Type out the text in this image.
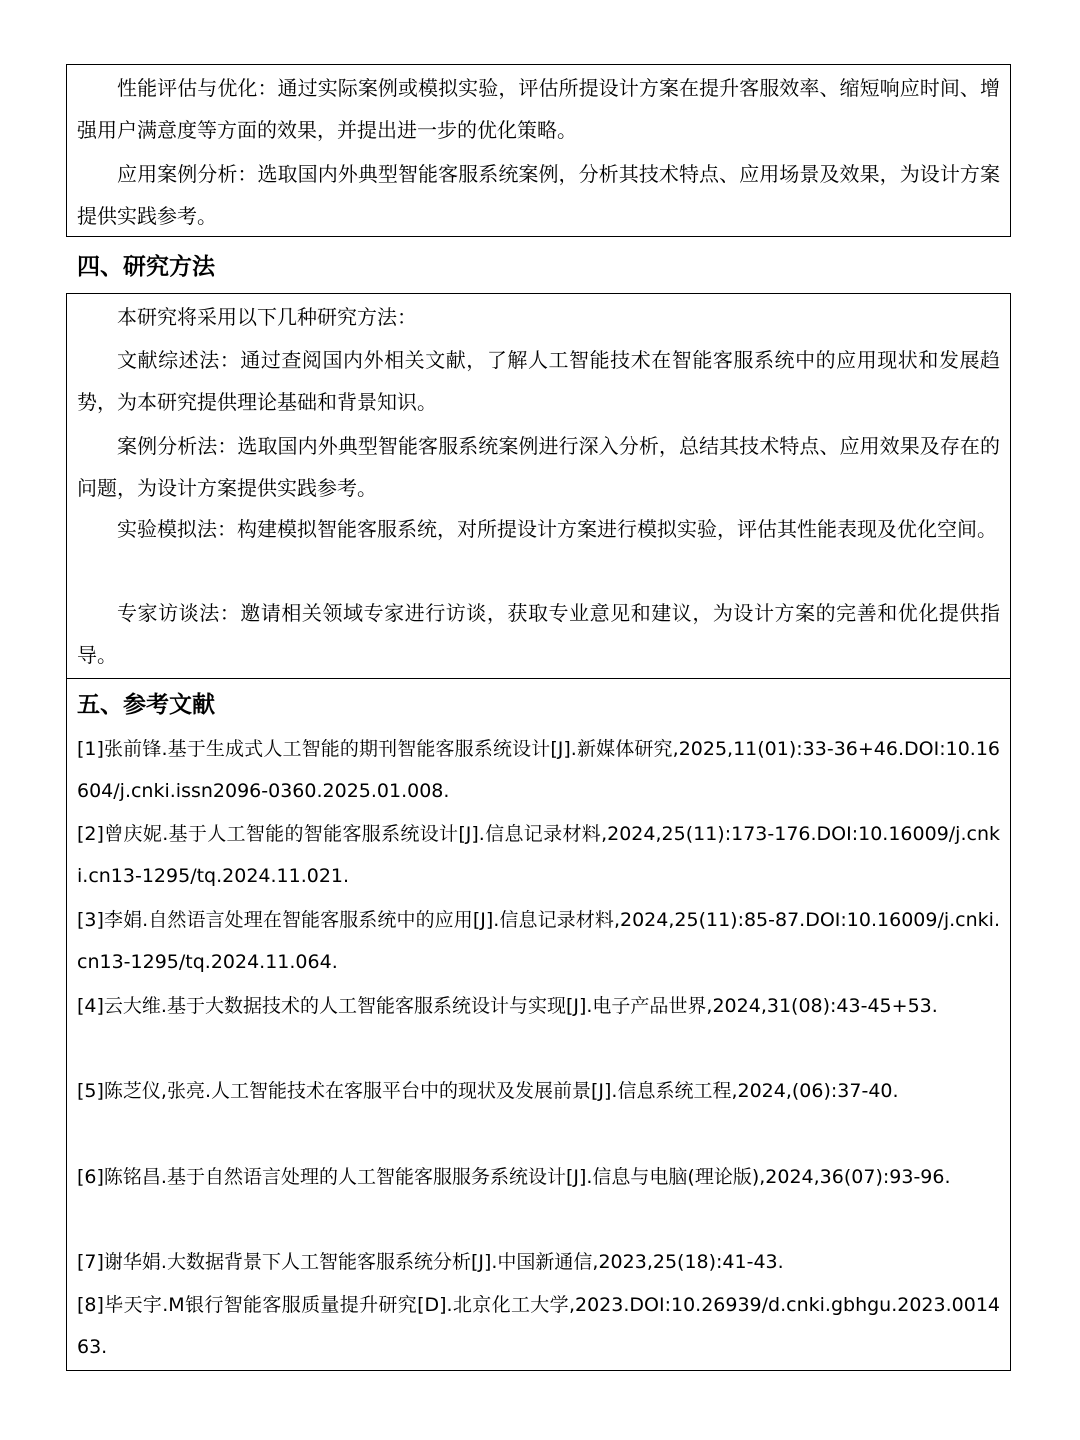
性能评估与优化：通过实际案例或模拟实验，评估所提设计方案在提升客服效率、缩短响应时间、增强用户满意度等方面的效果，并提出进一步的优化策略。

应用案例分析：选取国内外典型智能客服系统案例，分析其技术特点、应用场景及效果，为设计方案提供实践参考。

四、研究方法

本研究将采用以下几种研究方法：

文献综述法：通过查阅国内外相关文献，了解人工智能技术在智能客服系统中的应用现状和发展趋势，为本研究提供理论基础和背景知识。

案例分析法：选取国内外典型智能客服系统案例进行深入分析，总结其技术特点、应用效果及存在的问题，为设计方案提供实践参考。

实验模拟法：构建模拟智能客服系统，对所提设计方案进行模拟实验，评估其性能表现及优化空间。

专家访谈法：邀请相关领域专家进行访谈，获取专业意见和建议，为设计方案的完善和优化提供指导。

五、参考文献

[1]张前锋.基于生成式人工智能的期刊智能客服系统设计[J].新媒体研究,2025,11(01):33-36+46.DOI:10.16604/j.cnki.issn2096-0360.2025.01.008.

[2]曾庆妮.基于人工智能的智能客服系统设计[J].信息记录材料,2024,25(11):173-176.DOI:10.16009/j.cnki.cn13-1295/tq.2024.11.021.

[3]李娟.自然语言处理在智能客服系统中的应用[J].信息记录材料,2024,25(11):85-87.DOI:10.16009/j.cnki.cn13-1295/tq.2024.11.064.

[4]云大维.基于大数据技术的人工智能客服系统设计与实现[J].电子产品世界,2024,31(08):43-45+53.

[5]陈芝仪,张亮.人工智能技术在客服平台中的现状及发展前景[J].信息系统工程,2024,(06):37-40.

[6]陈铭昌.基于自然语言处理的人工智能客服服务系统设计[J].信息与电脑(理论版),2024,36(07):93-96.

[7]谢华娟.大数据背景下人工智能客服系统分析[J].中国新通信,2023,25(18):41-43.

[8]毕天宇.M银行智能客服质量提升研究[D].北京化工大学,2023.DOI:10.26939/d.cnki.gbhgu.2023.001463.
